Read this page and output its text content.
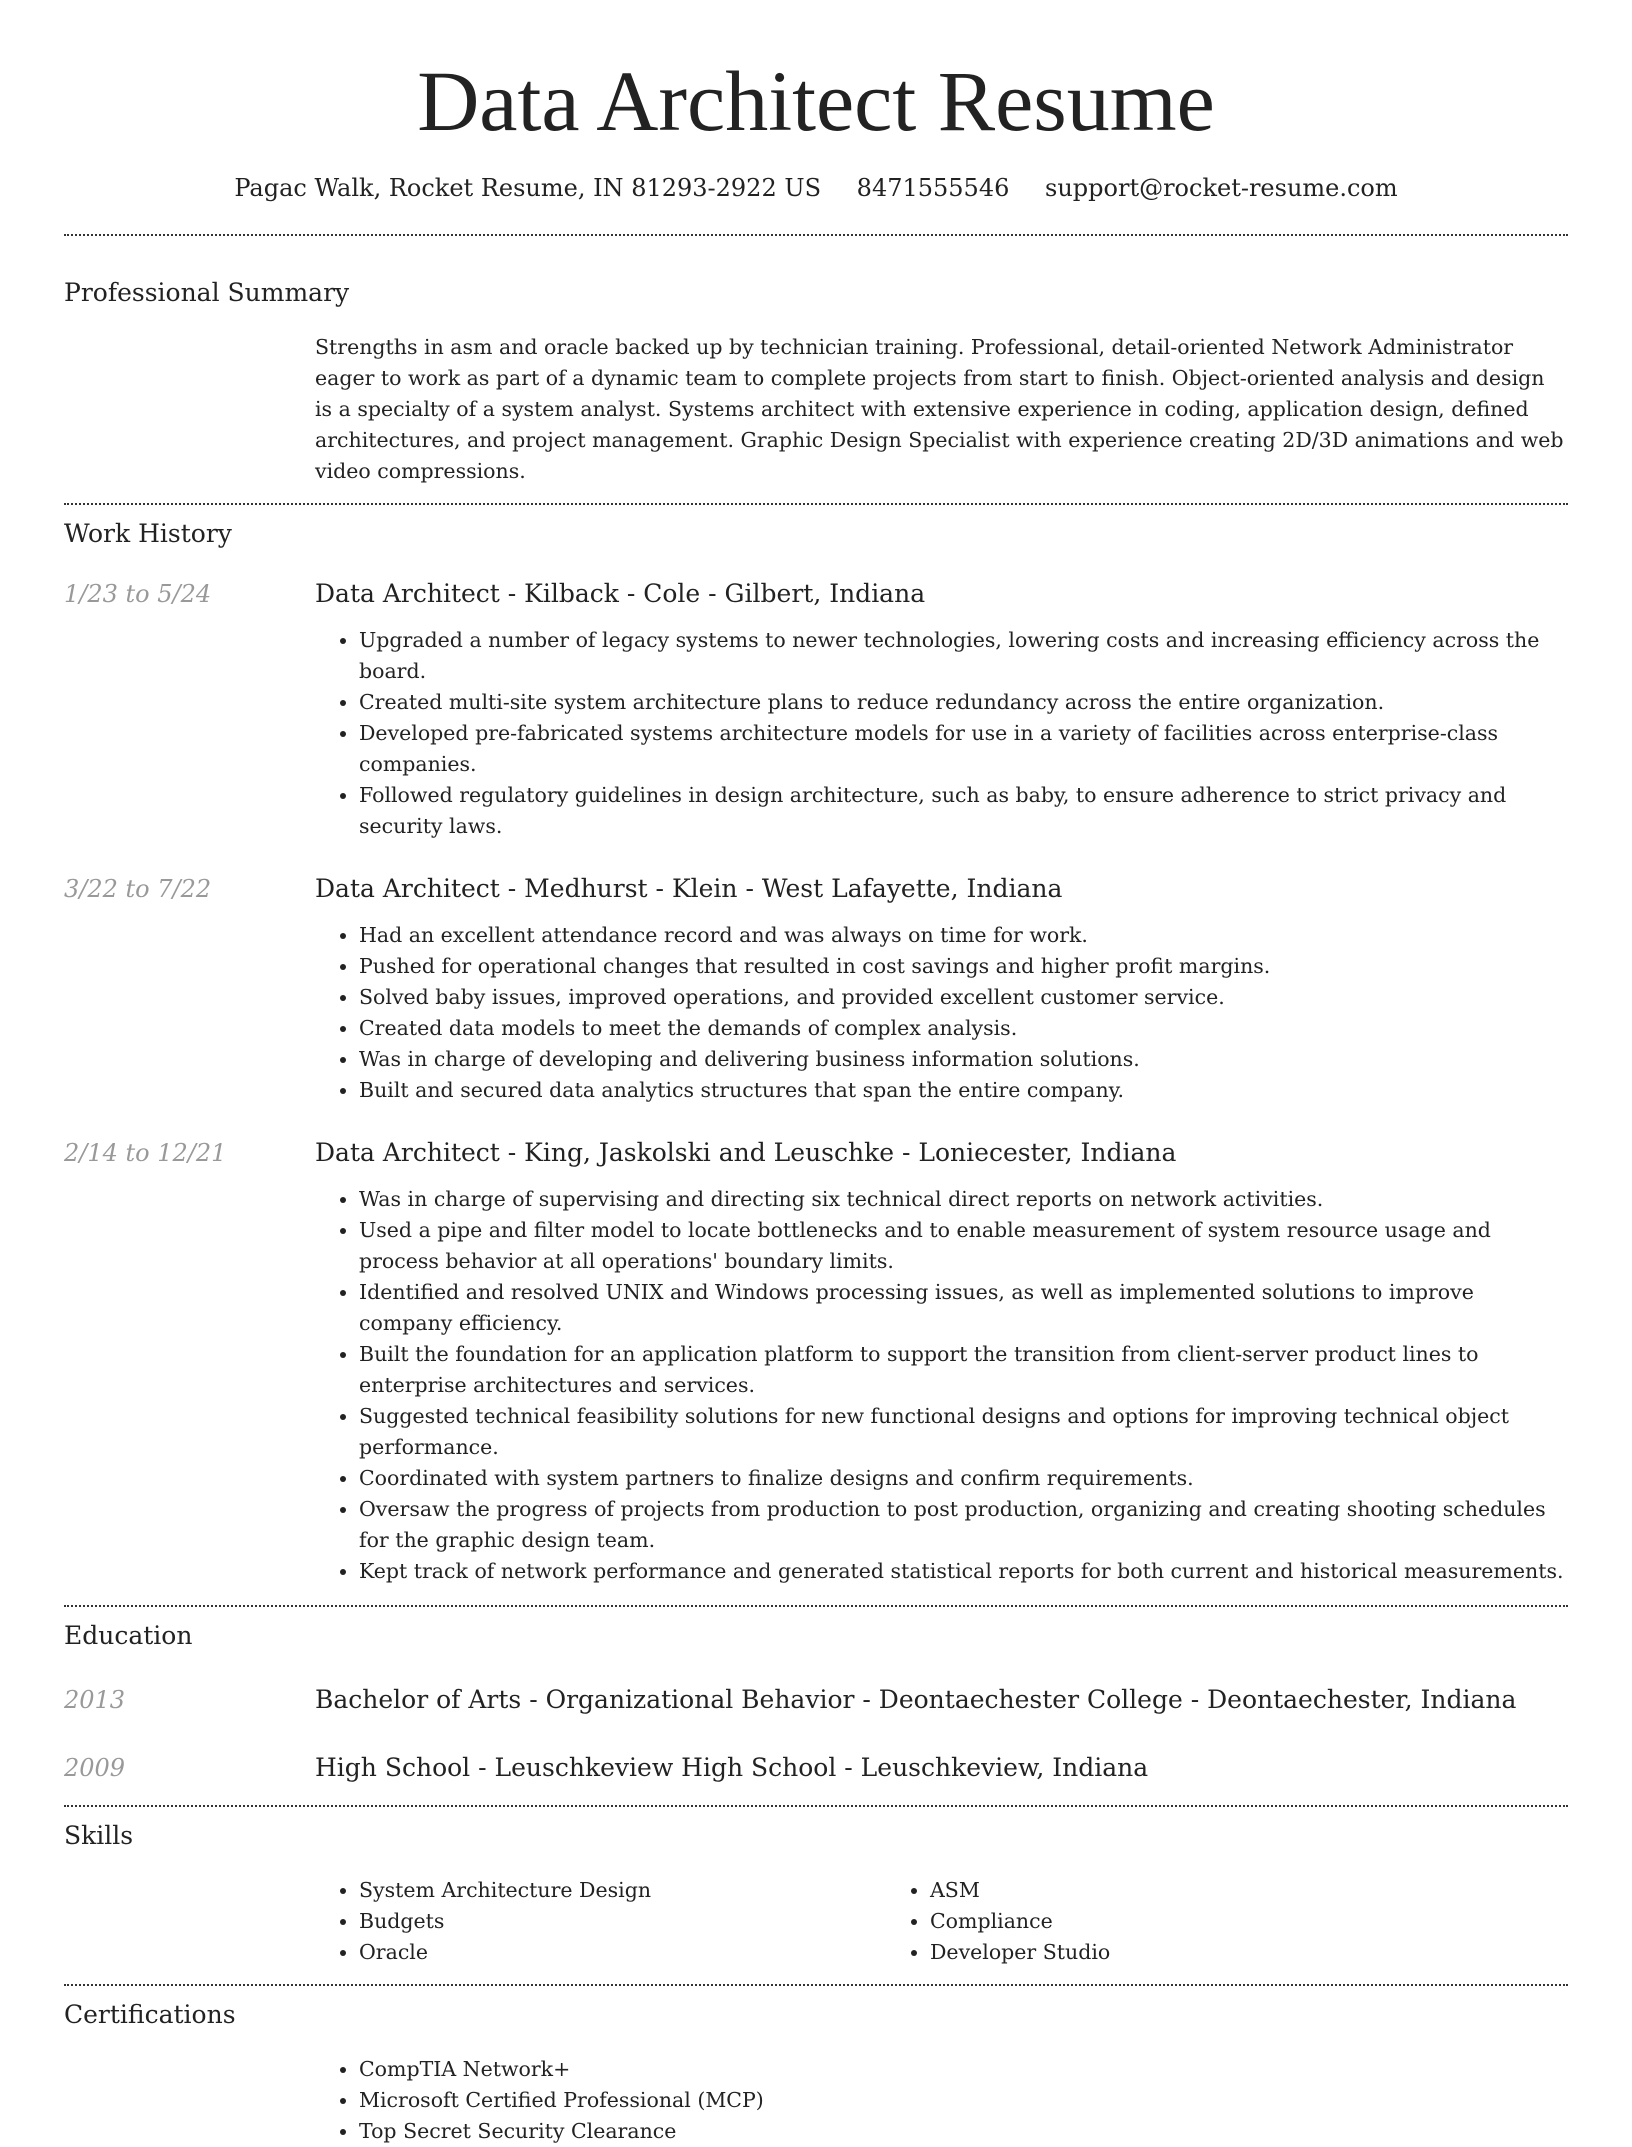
Data Architect Resume
Pagac Walk, Rocket Resume, IN 81293-2922 US 8471555546 support@rocket-resume.com
Professional Summary
Strengths in asm and oracle backed up by technician training. Professional, detail-oriented Network Administrator eager to work as part of a dynamic team to complete projects from start to finish. Object-oriented analysis and design is a specialty of a system analyst. Systems architect with extensive experience in coding, application design, defined architectures, and project management. Graphic Design Specialist with experience creating 2D/3D animations and web video compressions.
Work History
1/23 to 5/24	Data Architect - Kilback - Cole - Gilbert, Indiana
• Upgraded a number of legacy systems to newer technologies, lowering costs and increasing efficiency across the board.
• Created multi-site system architecture plans to reduce redundancy across the entire organization.
• Developed pre-fabricated systems architecture models for use in a variety of facilities across enterprise-class companies.
• Followed regulatory guidelines in design architecture, such as baby, to ensure adherence to strict privacy and security laws.
3/22 to 7/22	Data Architect - Medhurst - Klein - West Lafayette, Indiana
• Had an excellent attendance record and was always on time for work.
• Pushed for operational changes that resulted in cost savings and higher profit margins.
• Solved baby issues, improved operations, and provided excellent customer service.
• Created data models to meet the demands of complex analysis.
• Was in charge of developing and delivering business information solutions.
• Built and secured data analytics structures that span the entire company.
2/14 to 12/21	Data Architect - King, Jaskolski and Leuschke - Loniecester, Indiana
• Was in charge of supervising and directing six technical direct reports on network activities.
• Used a pipe and filter model to locate bottlenecks and to enable measurement of system resource usage and process behavior at all operations' boundary limits.
• Identified and resolved UNIX and Windows processing issues, as well as implemented solutions to improve company efficiency.
• Built the foundation for an application platform to support the transition from client-server product lines to enterprise architectures and services.
• Suggested technical feasibility solutions for new functional designs and options for improving technical object performance.
• Coordinated with system partners to finalize designs and confirm requirements.
• Oversaw the progress of projects from production to post production, organizing and creating shooting schedules for the graphic design team.
• Kept track of network performance and generated statistical reports for both current and historical measurements.
Education
2013	Bachelor of Arts - Organizational Behavior - Deontaechester College - Deontaechester, Indiana
2009	High School - Leuschkeview High School - Leuschkeview, Indiana
Skills
• System Architecture Design
• Budgets
• Oracle
• ASM
• Compliance
• Developer Studio
Certifications
• CompTIA Network+
• Microsoft Certified Professional (MCP)
• Top Secret Security Clearance
